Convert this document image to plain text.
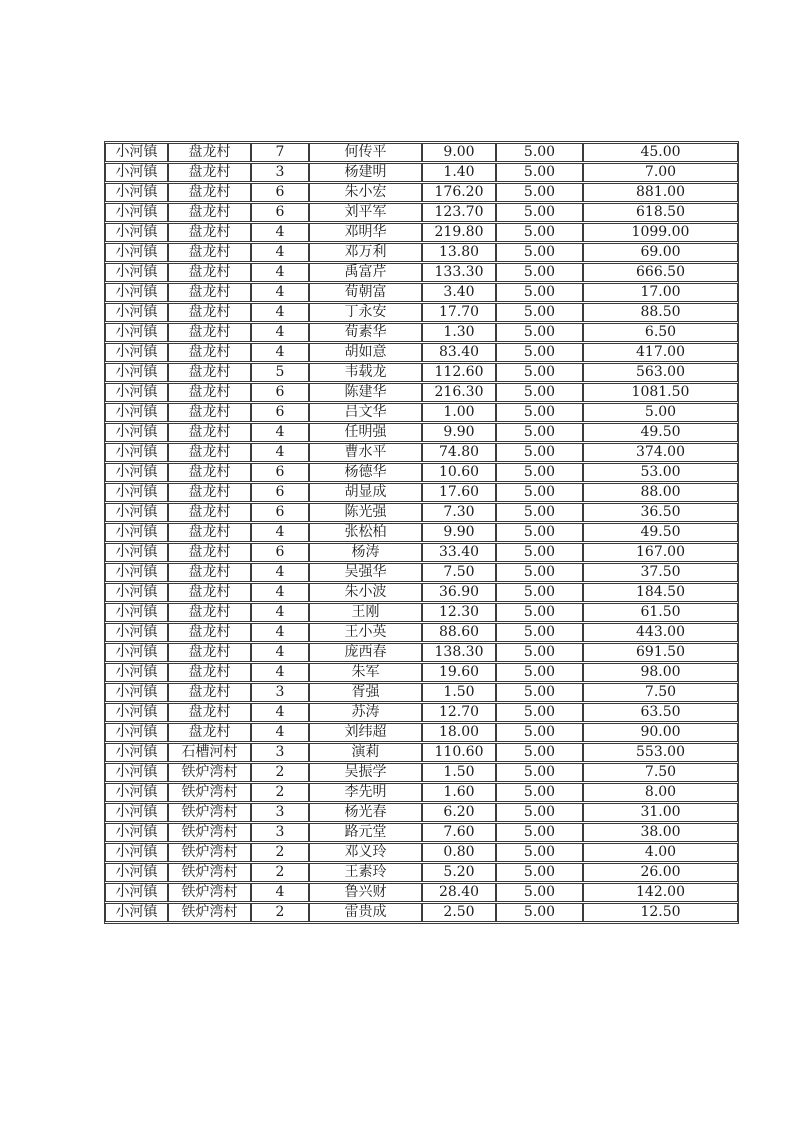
小河镇	盘龙村	7	何传平	9.00	5.00	45.00
小河镇	盘龙村	3	杨建明	1.40	5.00	7.00
小河镇	盘龙村	6	朱小宏	176.20	5.00	881.00
小河镇	盘龙村	6	刘平军	123.70	5.00	618.50
小河镇	盘龙村	4	邓明华	219.80	5.00	1099.00
小河镇	盘龙村	4	邓万利	13.80	5.00	69.00
小河镇	盘龙村	4	禹富芹	133.30	5.00	666.50
小河镇	盘龙村	4	荀朝富	3.40	5.00	17.00
小河镇	盘龙村	4	丁永安	17.70	5.00	88.50
小河镇	盘龙村	4	荀素华	1.30	5.00	6.50
小河镇	盘龙村	4	胡如意	83.40	5.00	417.00
小河镇	盘龙村	5	韦载龙	112.60	5.00	563.00
小河镇	盘龙村	6	陈建华	216.30	5.00	1081.50
小河镇	盘龙村	6	吕文华	1.00	5.00	5.00
小河镇	盘龙村	4	任明强	9.90	5.00	49.50
小河镇	盘龙村	4	曹水平	74.80	5.00	374.00
小河镇	盘龙村	6	杨德华	10.60	5.00	53.00
小河镇	盘龙村	6	胡显成	17.60	5.00	88.00
小河镇	盘龙村	6	陈光强	7.30	5.00	36.50
小河镇	盘龙村	4	张松柏	9.90	5.00	49.50
小河镇	盘龙村	6	杨涛	33.40	5.00	167.00
小河镇	盘龙村	4	吴强华	7.50	5.00	37.50
小河镇	盘龙村	4	朱小波	36.90	5.00	184.50
小河镇	盘龙村	4	王刚	12.30	5.00	61.50
小河镇	盘龙村	4	王小英	88.60	5.00	443.00
小河镇	盘龙村	4	庞西春	138.30	5.00	691.50
小河镇	盘龙村	4	朱军	19.60	5.00	98.00
小河镇	盘龙村	3	胥强	1.50	5.00	7.50
小河镇	盘龙村	4	苏涛	12.70	5.00	63.50
小河镇	盘龙村	4	刘纬超	18.00	5.00	90.00
小河镇	石槽河村	3	演莉	110.60	5.00	553.00
小河镇	铁炉湾村	2	吴振学	1.50	5.00	7.50
小河镇	铁炉湾村	2	李先明	1.60	5.00	8.00
小河镇	铁炉湾村	3	杨光春	6.20	5.00	31.00
小河镇	铁炉湾村	3	路元堂	7.60	5.00	38.00
小河镇	铁炉湾村	2	邓义玲	0.80	5.00	4.00
小河镇	铁炉湾村	2	王素玲	5.20	5.00	26.00
小河镇	铁炉湾村	4	鲁兴财	28.40	5.00	142.00
小河镇	铁炉湾村	2	雷贵成	2.50	5.00	12.50
